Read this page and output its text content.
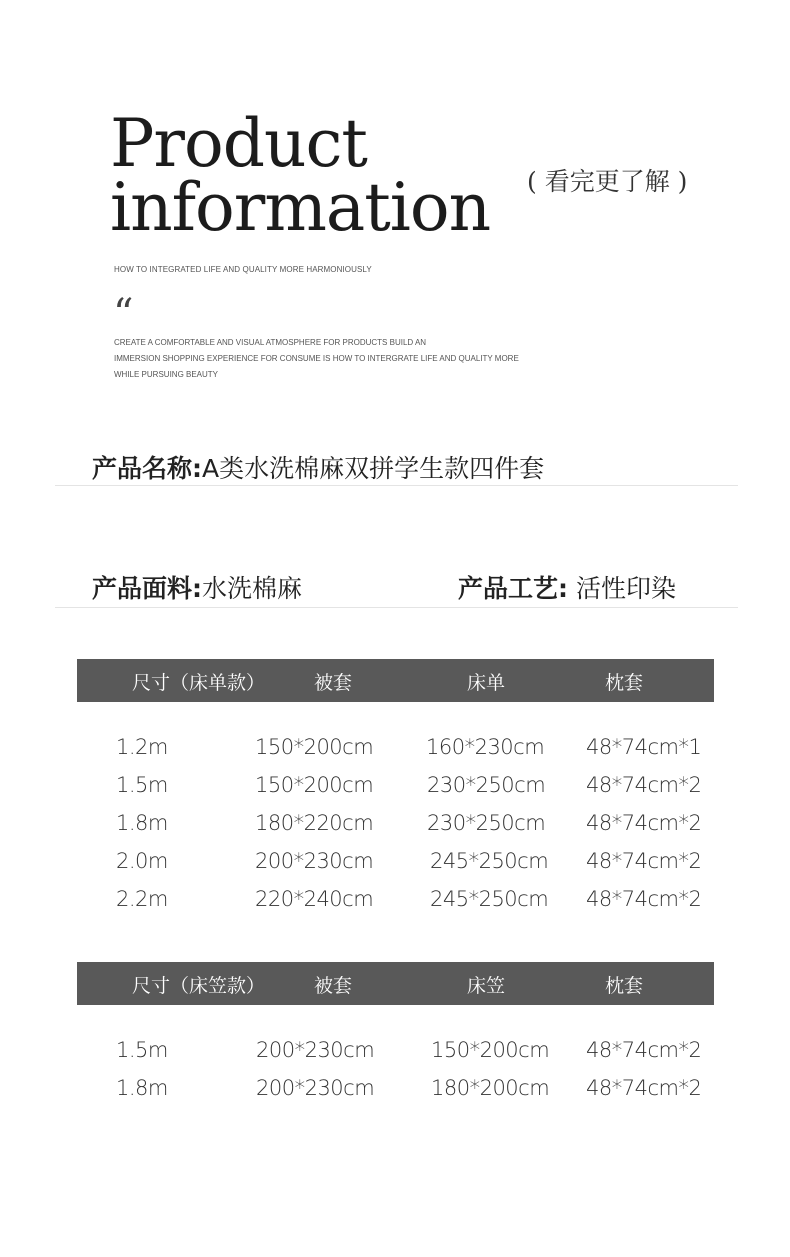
Product
information ( 看完更了解 )
HOW TO INTEGRATED LIFE AND QUALITY MORE HARMONIOUSLY
“
CREATE A COMFORTABLE AND VISUAL ATMOSPHERE FOR PRODUCTS BUILD AN
IMMERSION SHOPPING EXPERIENCE FOR CONSUME IS HOW TO INTERGRATE LIFE AND QUALITY MORE
WHILE PURSUING BEAUTY
产品名称:A类水洗棉麻双拼学生款四件套
产品面料:水洗棉麻	产品工艺: 活性印染
尺寸（床单款）	被套	床单	枕套
1.2m	150*200cm	160*230cm 48*74cm*1
1.5m	150*200cm	230*250cm 48*74cm*2
1.8m	180*220cm	230*250cm 48*74cm*2
2.0m	200*230cm	245*250cm 48*74cm*2
2.2m	220*240cm	245*250cm 48*74cm*2
尺寸（床笠款）	被套	床笠	枕套
1.5m	200*230cm	150*200cm 48*74cm*2
1.8m	200*230cm	180*200cm 48*74cm*2
